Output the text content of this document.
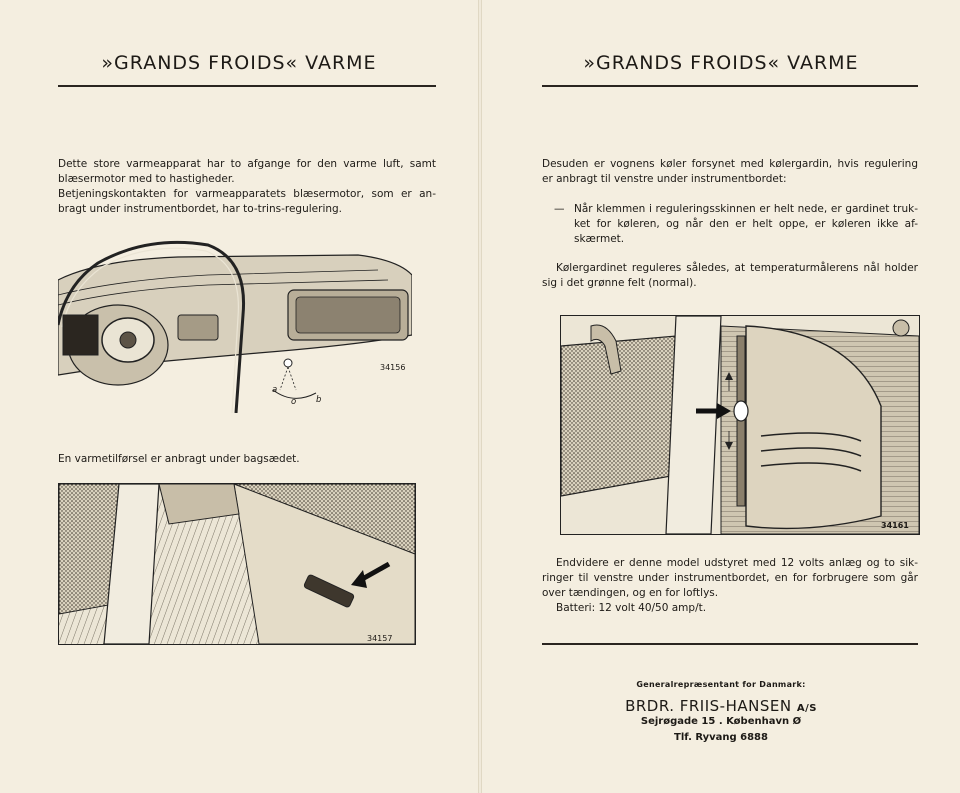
»GRANDS FROIDS« VARME

Dette store varmeapparat har to afgange for den varme luft, samt

blæsermotor med to hastigheder.

Betjeningskontakten for varmeapparatets blæsermotor, som er an-

bragt under instrumentbordet, har to-trins-regulering.

a
o b
34156
En varmetilførsel er anbragt under bagsædet.
34157
»GRANDS FROIDS« VARME

Desuden er vognens køler forsynet med kølergardin, hvis regulering

er anbragt til venstre under instrumentbordet:

— Når klemmen i reguleringsskinnen er helt nede, er gardinet truk-

ket for køleren, og når den er helt oppe, er køleren ikke af-

skærmet.

Kølergardinet reguleres således, at temperaturmålerens nål holder

sig i det grønne felt (normal).

34161

Endvidere er denne model udstyret med 12 volts anlæg og to sik-

ringer til venstre under instrumentbordet, en for forbrugere som går

over tændingen, og en for loftlys.

Batteri: 12 volt 40/50 amp/t.

Generalrepræsentant for Danmark:
BRDR. FRIIS-HANSEN A/S
Sejrøgade 15 . København Ø
Tlf. Ryvang 6888
